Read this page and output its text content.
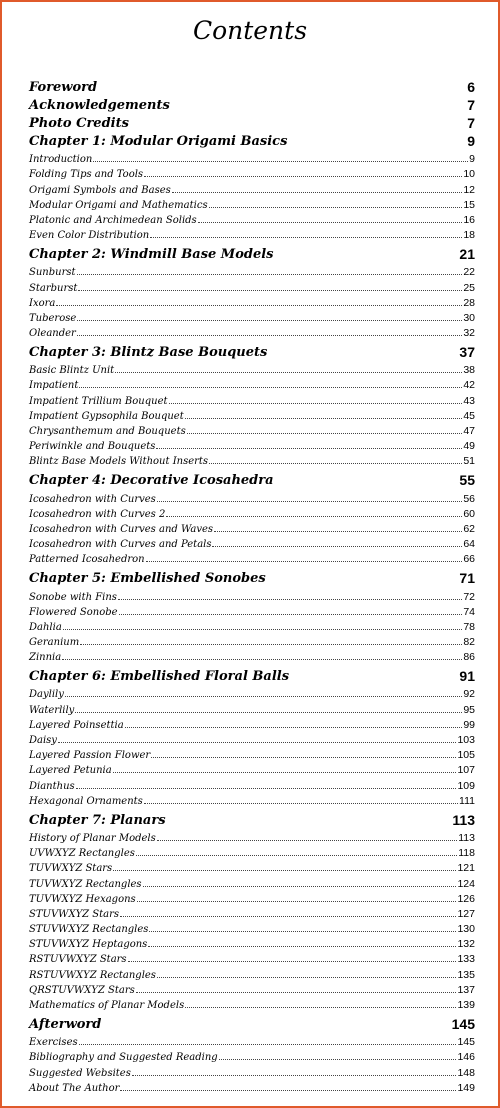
Contents
Foreword	6
Acknowledgements	7
Photo Credits	7
Chapter 1: Modular Origami Basics	9
Introduction	9
Folding Tips and Tools	10
Origami Symbols and Bases	12
Modular Origami and Mathematics	15
Platonic and Archimedean Solids	16
Even Color Distribution	18
Chapter 2: Windmill Base Models	21
Sunburst	22
Starburst	25
Ixora	28
Tuberose	30
Oleander	32
Chapter 3: Blintz Base Bouquets	37
Basic Blintz Unit	38
Impatient	42
Impatient Trillium Bouquet	43
Impatient Gypsophila Bouquet	45
Chrysanthemum and Bouquets	47
Periwinkle and Bouquets	49
Blintz Base Models Without Inserts	51
Chapter 4: Decorative Icosahedra	55
Icosahedron with Curves	56
Icosahedron with Curves 2	60
Icosahedron with Curves and Waves	62
Icosahedron with Curves and Petals	64
Patterned Icosahedron	66
Chapter 5: Embellished Sonobes	71
Sonobe with Fins	72
Flowered Sonobe	74
Dahlia	78
Geranium	82
Zinnia	86
Chapter 6: Embellished Floral Balls	91
Daylily	92
Waterlily	95
Layered Poinsettia	99
Daisy	103
Layered Passion Flower	105
Layered Petunia	107
Dianthus	109
Hexagonal Ornaments	111
Chapter 7: Planars	113
History of Planar Models	113
UVWXYZ Rectangles	118
TUVWXYZ Stars	121
TUVWXYZ Rectangles	124
TUVWXYZ Hexagons	126
STUVWXYZ Stars	127
STUVWXYZ Rectangles	130
STUVWXYZ Heptagons	132
RSTUVWXYZ Stars	133
RSTUVWXYZ Rectangles	135
QRSTUVWXYZ Stars	137
Mathematics of Planar Models	139
Afterword	145
Exercises	145
Bibliography and Suggested Reading	146
Suggested Websites	148
About The Author	149
